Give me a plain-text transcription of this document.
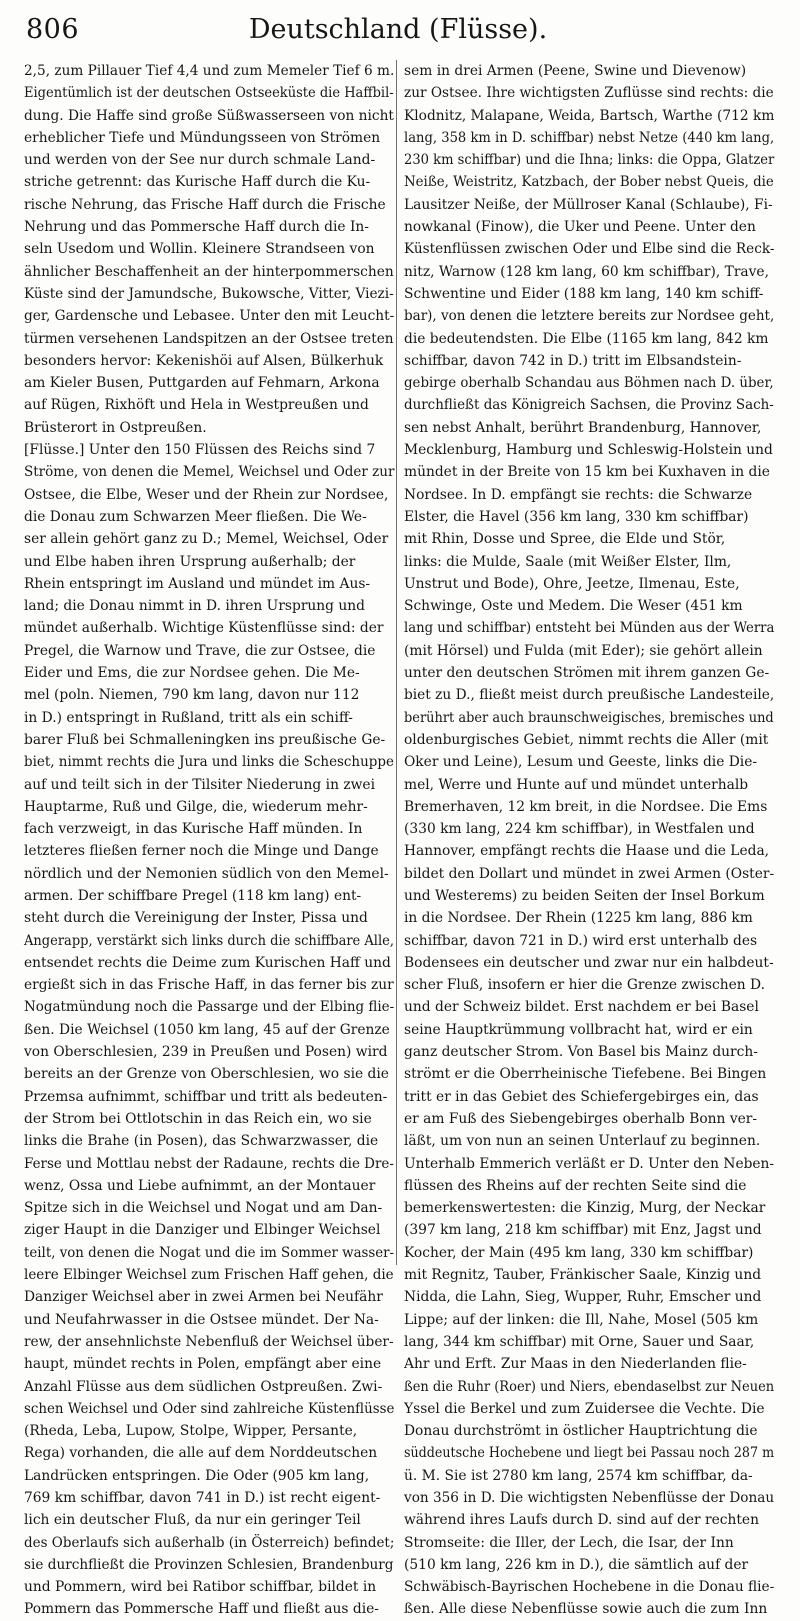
806	Deutschland (Flüsse).
2,5, zum Pillauer Tief 4,4 und zum Memeler Tief 6 m.
Eigentümlich ist der deutschen Ostseeküste die Haffbil-
dung. Die Haffe sind große Süßwasserseen von nicht
erheblicher Tiefe und Mündungsseen von Strömen
und werden von der See nur durch schmale Land-
striche getrennt: das Kurische Haff durch die Ku-
rische Nehrung, das Frische Haff durch die Frische
Nehrung und das Pommersche Haff durch die In-
seln Usedom und Wollin. Kleinere Strandseen von
ähnlicher Beschaffenheit an der hinterpommerschen
Küste sind der Jamundsche, Bukowsche, Vitter, Viezi-
ger, Gardensche und Lebasee. Unter den mit Leucht-
türmen versehenen Landspitzen an der Ostsee treten
besonders hervor: Kekenishöi auf Alsen, Bülkerhuk
am Kieler Busen, Puttgarden auf Fehmarn, Arkona
auf Rügen, Rixhöft und Hela in Westpreußen und
Brüsterort in Ostpreußen.
[Flüsse.] Unter den 150 Flüssen des Reichs sind 7
Ströme, von denen die Memel, Weichsel und Oder zur
Ostsee, die Elbe, Weser und der Rhein zur Nordsee,
die Donau zum Schwarzen Meer fließen. Die We-
ser allein gehört ganz zu D.; Memel, Weichsel, Oder
und Elbe haben ihren Ursprung außerhalb; der
Rhein entspringt im Ausland und mündet im Aus-
land; die Donau nimmt in D. ihren Ursprung und
mündet außerhalb. Wichtige Küstenflüsse sind: der
Pregel, die Warnow und Trave, die zur Ostsee, die
Eider und Ems, die zur Nordsee gehen. Die Me-
mel (poln. Niemen, 790 km lang, davon nur 112
in D.) entspringt in Rußland, tritt als ein schiff-
barer Fluß bei Schmalleningken ins preußische Ge-
biet, nimmt rechts die Jura und links die Scheschuppe
auf und teilt sich in der Tilsiter Niederung in zwei
Hauptarme, Ruß und Gilge, die, wiederum mehr-
fach verzweigt, in das Kurische Haff münden. In
letzteres fließen ferner noch die Minge und Dange
nördlich und der Nemonien südlich von den Memel-
armen. Der schiffbare Pregel (118 km lang) ent-
steht durch die Vereinigung der Inster, Pissa und
Angerapp, verstärkt sich links durch die schiffbare Alle,
entsendet rechts die Deime zum Kurischen Haff und
ergießt sich in das Frische Haff, in das ferner bis zur
Nogatmündung noch die Passarge und der Elbing flie-
ßen. Die Weichsel (1050 km lang, 45 auf der Grenze
von Oberschlesien, 239 in Preußen und Posen) wird
bereits an der Grenze von Oberschlesien, wo sie die
Przemsa aufnimmt, schiffbar und tritt als bedeuten-
der Strom bei Ottlotschin in das Reich ein, wo sie
links die Brahe (in Posen), das Schwarzwasser, die
Ferse und Mottlau nebst der Radaune, rechts die Dre-
wenz, Ossa und Liebe aufnimmt, an der Montauer
Spitze sich in die Weichsel und Nogat und am Dan-
ziger Haupt in die Danziger und Elbinger Weichsel
teilt, von denen die Nogat und die im Sommer wasser-
leere Elbinger Weichsel zum Frischen Haff gehen, die
Danziger Weichsel aber in zwei Armen bei Neufähr
und Neufahrwasser in die Ostsee mündet. Der Na-
rew, der ansehnlichste Nebenfluß der Weichsel über-
haupt, mündet rechts in Polen, empfängt aber eine
Anzahl Flüsse aus dem südlichen Ostpreußen. Zwi-
schen Weichsel und Oder sind zahlreiche Küstenflüsse
(Rheda, Leba, Lupow, Stolpe, Wipper, Persante,
Rega) vorhanden, die alle auf dem Norddeutschen
Landrücken entspringen. Die Oder (905 km lang,
769 km schiffbar, davon 741 in D.) ist recht eigent-
lich ein deutscher Fluß, da nur ein geringer Teil
des Oberlaufs sich außerhalb (in Österreich) befindet;
sie durchfließt die Provinzen Schlesien, Brandenburg
und Pommern, wird bei Ratibor schiffbar, bildet in
Pommern das Pommersche Haff und fließt aus die-
sem in drei Armen (Peene, Swine und Dievenow)
zur Ostsee. Ihre wichtigsten Zuflüsse sind rechts: die
Klodnitz, Malapane, Weida, Bartsch, Warthe (712 km
lang, 358 km in D. schiffbar) nebst Netze (440 km lang,
230 km schiffbar) und die Ihna; links: die Oppa, Glatzer
Neiße, Weistritz, Katzbach, der Bober nebst Queis, die
Lausitzer Neiße, der Müllroser Kanal (Schlaube), Fi-
nowkanal (Finow), die Uker und Peene. Unter den
Küstenflüssen zwischen Oder und Elbe sind die Reck-
nitz, Warnow (128 km lang, 60 km schiffbar), Trave,
Schwentine und Eider (188 km lang, 140 km schiff-
bar), von denen die letztere bereits zur Nordsee geht,
die bedeutendsten. Die Elbe (1165 km lang, 842 km
schiffbar, davon 742 in D.) tritt im Elbsandstein-
gebirge oberhalb Schandau aus Böhmen nach D. über,
durchfließt das Königreich Sachsen, die Provinz Sach-
sen nebst Anhalt, berührt Brandenburg, Hannover,
Mecklenburg, Hamburg und Schleswig-Holstein und
mündet in der Breite von 15 km bei Kuxhaven in die
Nordsee. In D. empfängt sie rechts: die Schwarze
Elster, die Havel (356 km lang, 330 km schiffbar)
mit Rhin, Dosse und Spree, die Elde und Stör,
links: die Mulde, Saale (mit Weißer Elster, Ilm,
Unstrut und Bode), Ohre, Jeetze, Ilmenau, Este,
Schwinge, Oste und Medem. Die Weser (451 km
lang und schiffbar) entsteht bei Münden aus der Werra
(mit Hörsel) und Fulda (mit Eder); sie gehört allein
unter den deutschen Strömen mit ihrem ganzen Ge-
biet zu D., fließt meist durch preußische Landesteile,
berührt aber auch braunschweigisches, bremisches und
oldenburgisches Gebiet, nimmt rechts die Aller (mit
Oker und Leine), Lesum und Geeste, links die Die-
mel, Werre und Hunte auf und mündet unterhalb
Bremerhaven, 12 km breit, in die Nordsee. Die Ems
(330 km lang, 224 km schiffbar), in Westfalen und
Hannover, empfängt rechts die Haase und die Leda,
bildet den Dollart und mündet in zwei Armen (Oster-
und Westerems) zu beiden Seiten der Insel Borkum
in die Nordsee. Der Rhein (1225 km lang, 886 km
schiffbar, davon 721 in D.) wird erst unterhalb des
Bodensees ein deutscher und zwar nur ein halbdeut-
scher Fluß, insofern er hier die Grenze zwischen D.
und der Schweiz bildet. Erst nachdem er bei Basel
seine Hauptkrümmung vollbracht hat, wird er ein
ganz deutscher Strom. Von Basel bis Mainz durch-
strömt er die Oberrheinische Tiefebene. Bei Bingen
tritt er in das Gebiet des Schiefergebirges ein, das
er am Fuß des Siebengebirges oberhalb Bonn ver-
läßt, um von nun an seinen Unterlauf zu beginnen.
Unterhalb Emmerich verläßt er D. Unter den Neben-
flüssen des Rheins auf der rechten Seite sind die
bemerkenswertesten: die Kinzig, Murg, der Neckar
(397 km lang, 218 km schiffbar) mit Enz, Jagst und
Kocher, der Main (495 km lang, 330 km schiffbar)
mit Regnitz, Tauber, Fränkischer Saale, Kinzig und
Nidda, die Lahn, Sieg, Wupper, Ruhr, Emscher und
Lippe; auf der linken: die Ill, Nahe, Mosel (505 km
lang, 344 km schiffbar) mit Orne, Sauer und Saar,
Ahr und Erft. Zur Maas in den Niederlanden flie-
ßen die Ruhr (Roer) und Niers, ebendaselbst zur Neuen
Yssel die Berkel und zum Zuidersee die Vechte. Die
Donau durchströmt in östlicher Hauptrichtung die
süddeutsche Hochebene und liegt bei Passau noch 287 m
ü. M. Sie ist 2780 km lang, 2574 km schiffbar, da-
von 356 in D. Die wichtigsten Nebenflüsse der Donau
während ihres Laufs durch D. sind auf der rechten
Stromseite: die Iller, der Lech, die Isar, der Inn
(510 km lang, 226 km in D.), die sämtlich auf der
Schwäbisch-Bayrischen Hochebene in die Donau flie-
ßen. Alle diese Nebenflüsse sowie auch die zum Inn
